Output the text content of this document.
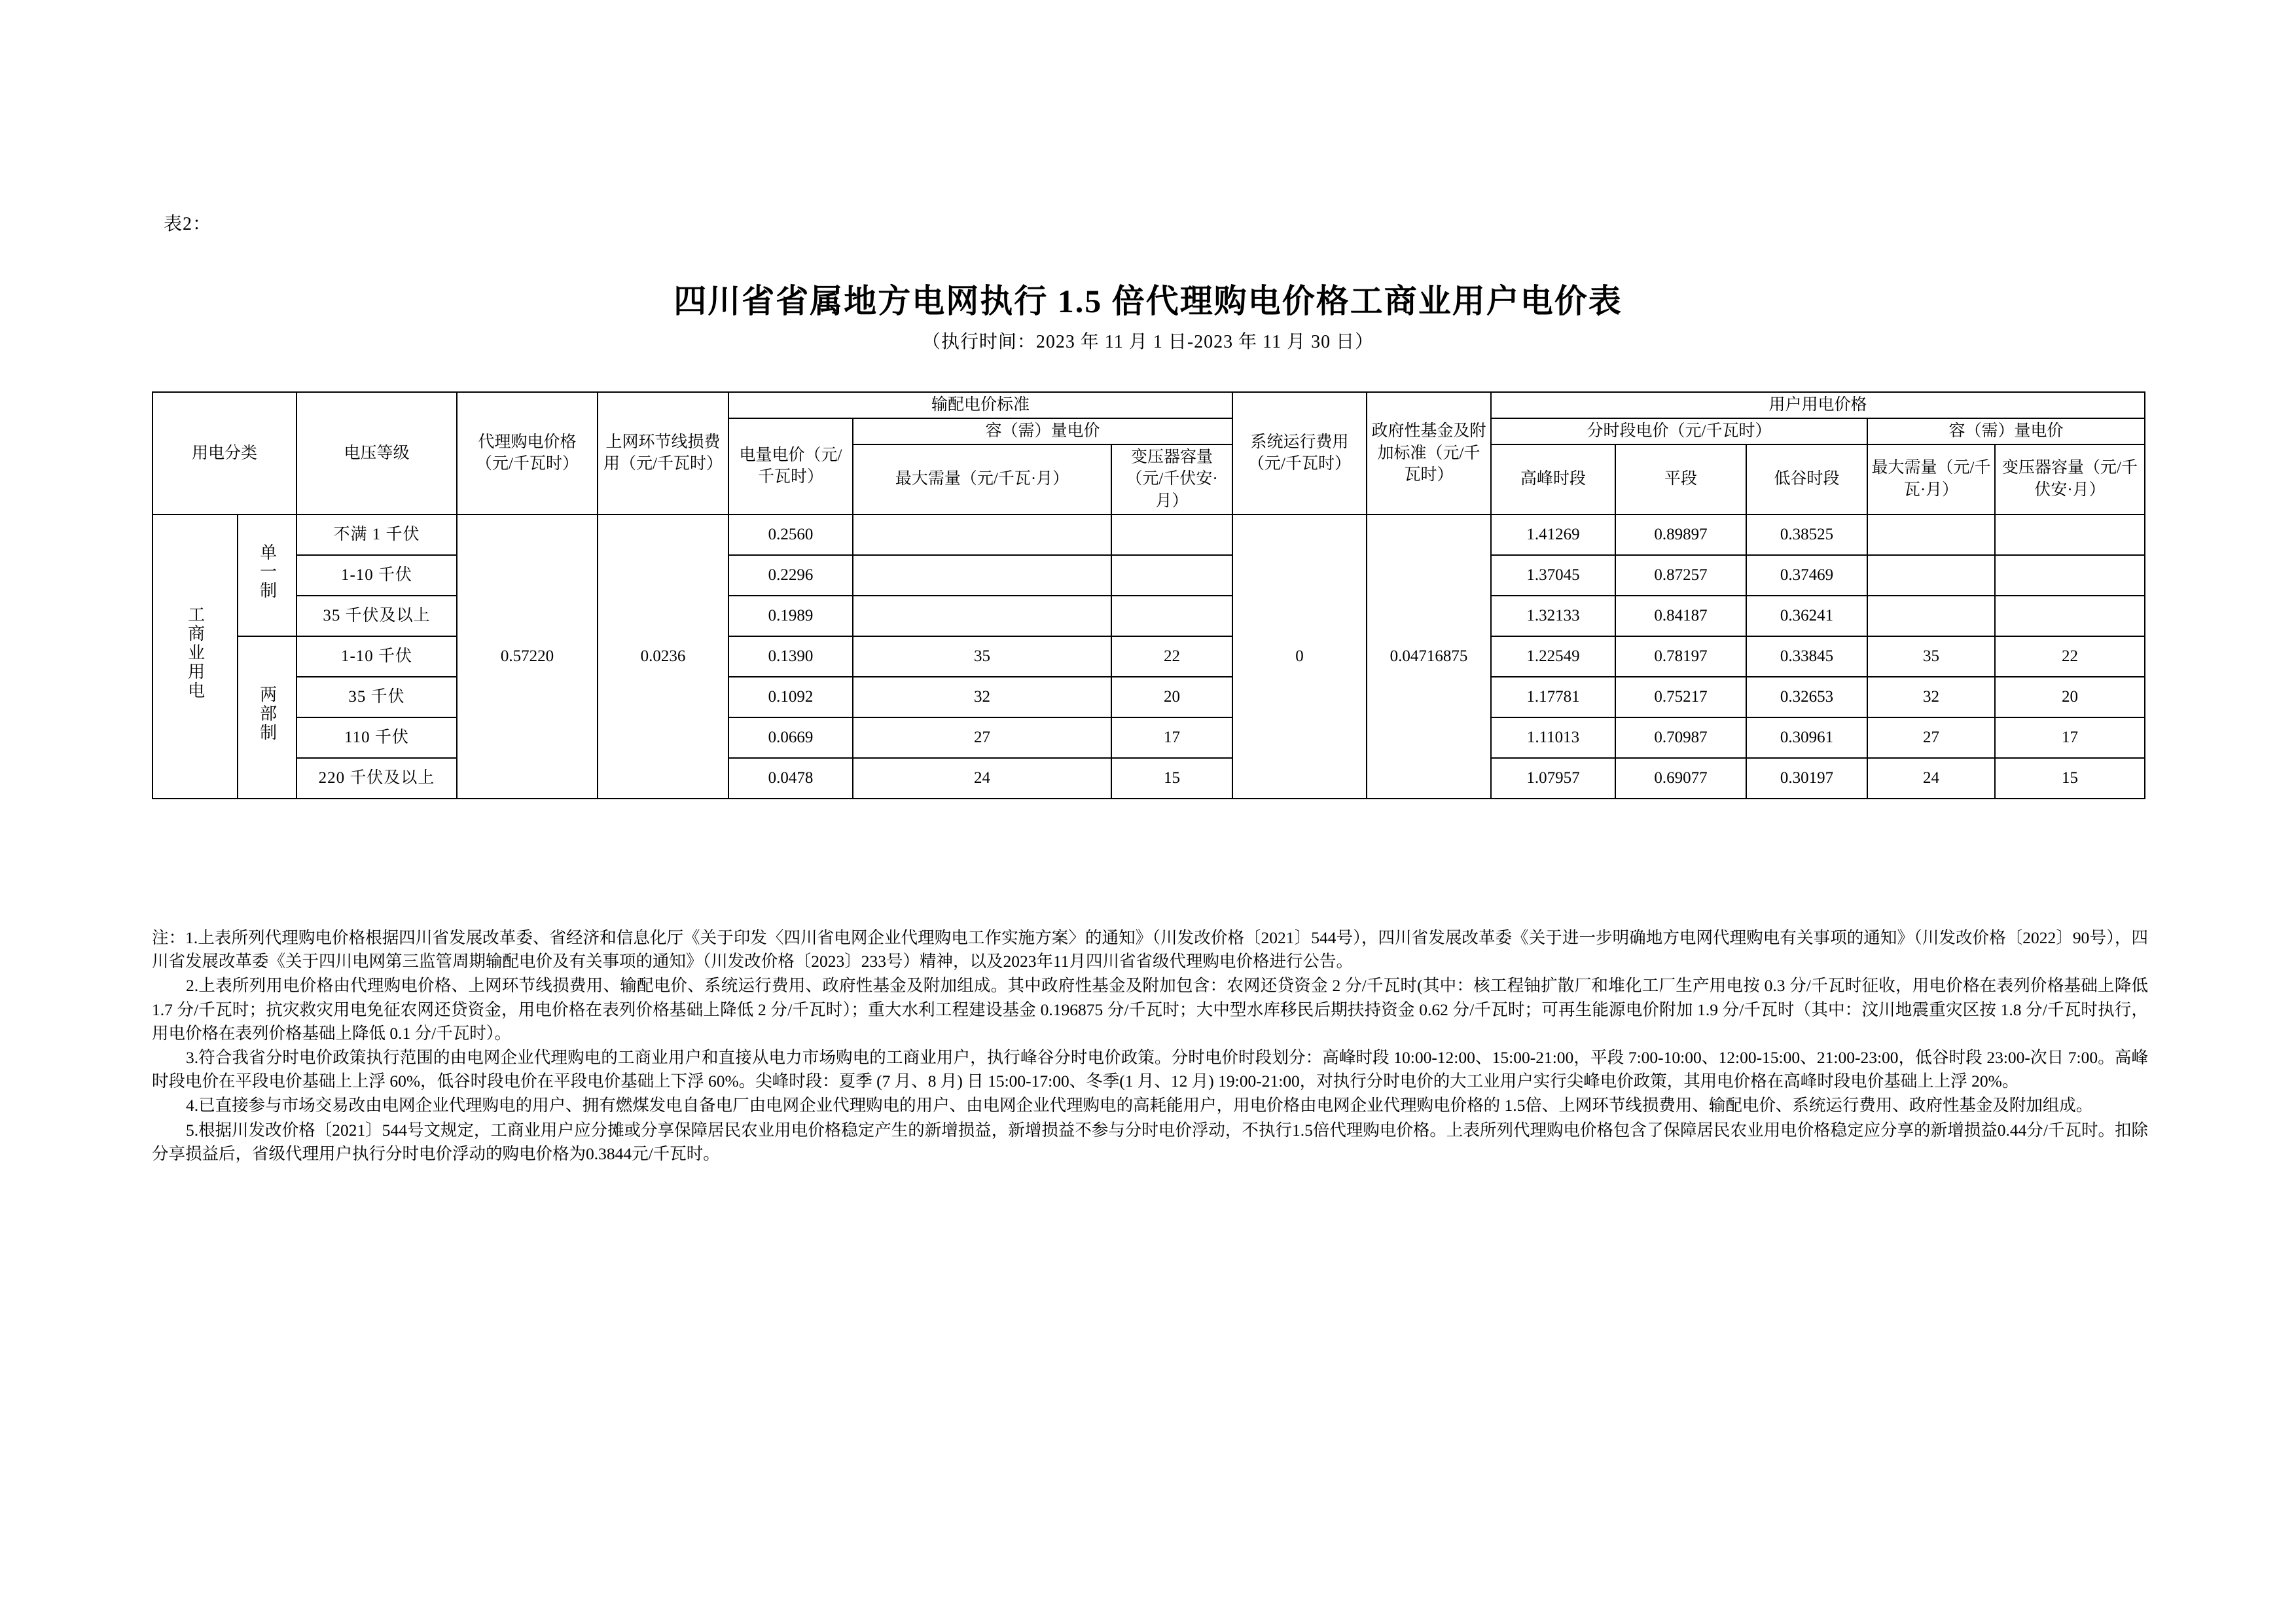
表2：
四川省省属地方电网执行 1.5 倍代理购电价格工商业用户电价表
（执行时间：2023 年 11 月 1 日-2023 年 11 月 30 日）
用电分类		电压等级	代理购电价格（元/千瓦时）	上网环节线损费用（元/千瓦时）	输配电价标准			系统运行费用（元/千瓦时）	政府性基金及附加标准（元/千瓦时）	用户用电价格				
					电量电价（元/千瓦时）	容（需）量电价				分时段电价（元/千瓦时）			容（需）量电价	
						最大需量（元/千瓦·月）	变压器容量（元/千伏安·月）			高峰时段	平段	低谷时段	最大需量（元/千瓦·月）	变压器容量（元/千伏安·月）

工商业用电	单一制	不满 1 千伏	0.57220	0.0236	0.2560			0	0.04716875	1.41269	0.89897	0.38525		
		1-10 千伏			0.2296					1.37045	0.87257	0.37469		
		35 千伏及以上			0.1989					1.32133	0.84187	0.36241		
	两部制	1-10 千伏			0.1390	35	22			1.22549	0.78197	0.33845	35	22
		35 千伏			0.1092	32	20			1.17781	0.75217	0.32653	32	20
		110 千伏			0.0669	27	17			1.11013	0.70987	0.30961	27	17
		220 千伏及以上			0.0478	24	15			1.07957	0.69077	0.30197	24	15

注：1.上表所列代理购电价格根据四川省发展改革委、省经济和信息化厅《关于印发〈四川省电网企业代理购电工作实施方案〉的通知》（川发改价格〔2021〕544号），四川省发展改革委《关于进一步明确地方电网代理购电有关事项的通知》（川发改价格〔2022〕90号），四川省发展改革委《关于四川电网第三监管周期输配电价及有关事项的通知》（川发改价格〔2023〕233号）精神，以及2023年11月四川省省级代理购电价格进行公告。

2.上表所列用电价格由代理购电价格、上网环节线损费用、输配电价、系统运行费用、政府性基金及附加组成。其中政府性基金及附加包含：农网还贷资金 2 分/千瓦时(其中：核工程铀扩散厂和堆化工厂生产用电按 0.3 分/千瓦时征收，用电价格在表列价格基础上降低 1.7 分/千瓦时；抗灾救灾用电免征农网还贷资金，用电价格在表列价格基础上降低 2 分/千瓦时）；重大水利工程建设基金 0.196875 分/千瓦时；大中型水库移民后期扶持资金 0.62 分/千瓦时；可再生能源电价附加 1.9 分/千瓦时（其中：汶川地震重灾区按 1.8 分/千瓦时执行，用电价格在表列价格基础上降低 0.1 分/千瓦时）。

3.符合我省分时电价政策执行范围的由电网企业代理购电的工商业用户和直接从电力市场购电的工商业用户，执行峰谷分时电价政策。分时电价时段划分：高峰时段 10:00-12:00、15:00-21:00，平段 7:00-10:00、12:00-15:00、21:00-23:00，低谷时段 23:00-次日 7:00。高峰时段电价在平段电价基础上上浮 60%，低谷时段电价在平段电价基础上下浮 60%。尖峰时段：夏季 (7 月、8 月) 日 15:00-17:00、冬季(1 月、12 月) 19:00-21:00，对执行分时电价的大工业用户实行尖峰电价政策，其用电价格在高峰时段电价基础上上浮 20%。

4.已直接参与市场交易改由电网企业代理购电的用户、拥有燃煤发电自备电厂由电网企业代理购电的用户、由电网企业代理购电的高耗能用户，用电价格由电网企业代理购电价格的 1.5倍、上网环节线损费用、输配电价、系统运行费用、政府性基金及附加组成。

5.根据川发改价格〔2021〕544号文规定，工商业用户应分摊或分享保障居民农业用电价格稳定产生的新增损益，新增损益不参与分时电价浮动，不执行1.5倍代理购电价格。上表所列代理购电价格包含了保障居民农业用电价格稳定应分享的新增损益0.44分/千瓦时。扣除分享损益后，省级代理用户执行分时电价浮动的购电价格为0.3844元/千瓦时。
